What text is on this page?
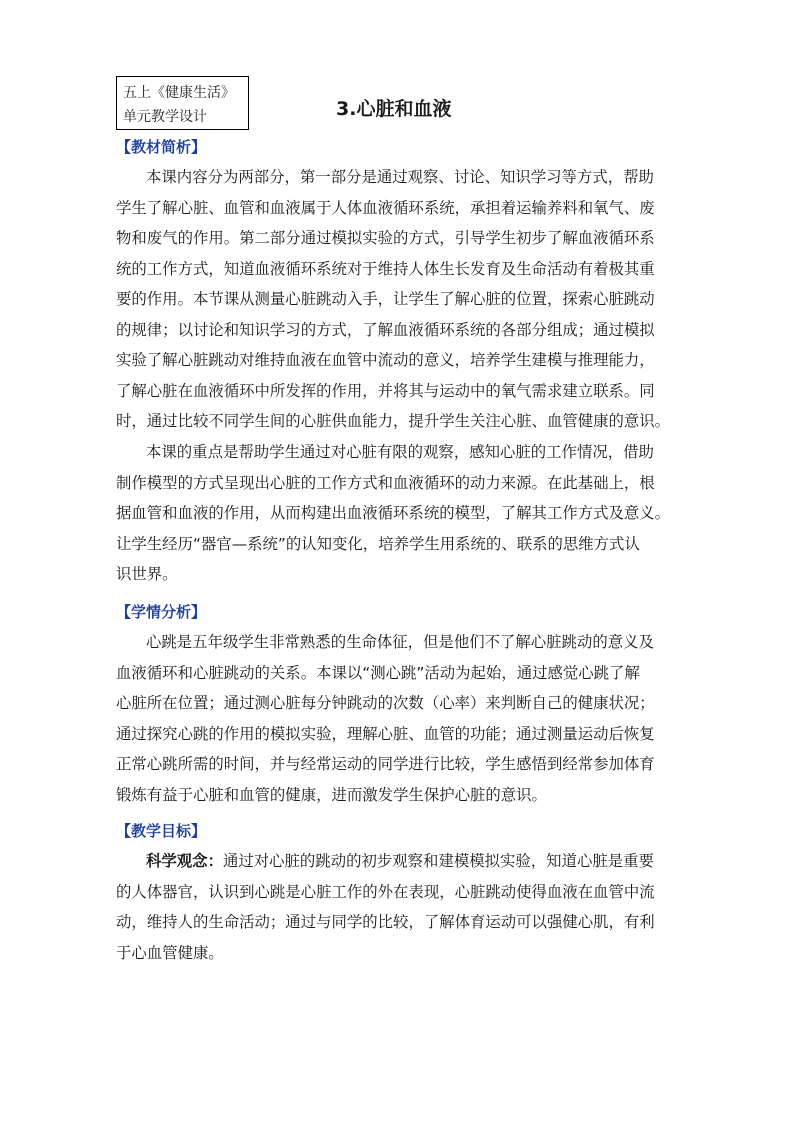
五上《健康生活》
单元教学设计	3.心脏和血液
【教材简析】
本课内容分为两部分，第一部分是通过观察、讨论、知识学习等方式，帮助
学生了解心脏、血管和血液属于人体血液循环系统，承担着运输养料和氧气、废
物和废气的作用。第二部分通过模拟实验的方式，引导学生初步了解血液循环系
统的工作方式，知道血液循环系统对于维持人体生长发育及生命活动有着极其重
要的作用。本节课从测量心脏跳动入手，让学生了解心脏的位置，探索心脏跳动
的规律；以讨论和知识学习的方式，了解血液循环系统的各部分组成；通过模拟
实验了解心脏跳动对维持血液在血管中流动的意义，培养学生建模与推理能力，
了解心脏在血液循环中所发挥的作用，并将其与运动中的氧气需求建立联系。同
时，通过比较不同学生间的心脏供血能力，提升学生关注心脏、血管健康的意识。
本课的重点是帮助学生通过对心脏有限的观察，感知心脏的工作情况，借助
制作模型的方式呈现出心脏的工作方式和血液循环的动力来源。在此基础上，根
据血管和血液的作用，从而构建出血液循环系统的模型，了解其工作方式及意义。
让学生经历“器官—系统”的认知变化，培养学生用系统的、联系的思维方式认
识世界。
【学情分析】
心跳是五年级学生非常熟悉的生命体征，但是他们不了解心脏跳动的意义及
血液循环和心脏跳动的关系。本课以“测心跳”活动为起始，通过感觉心跳了解
心脏所在位置；通过测心脏每分钟跳动的次数（心率）来判断自己的健康状况；
通过探究心跳的作用的模拟实验，理解心脏、血管的功能；通过测量运动后恢复
正常心跳所需的时间，并与经常运动的同学进行比较，学生感悟到经常参加体育
锻炼有益于心脏和血管的健康，进而激发学生保护心脏的意识。
【教学目标】
科学观念：通过对心脏的跳动的初步观察和建模模拟实验，知道心脏是重要
的人体器官，认识到心跳是心脏工作的外在表现，心脏跳动使得血液在血管中流
动，维持人的生命活动；通过与同学的比较，了解体育运动可以强健心肌，有利
于心血管健康。
